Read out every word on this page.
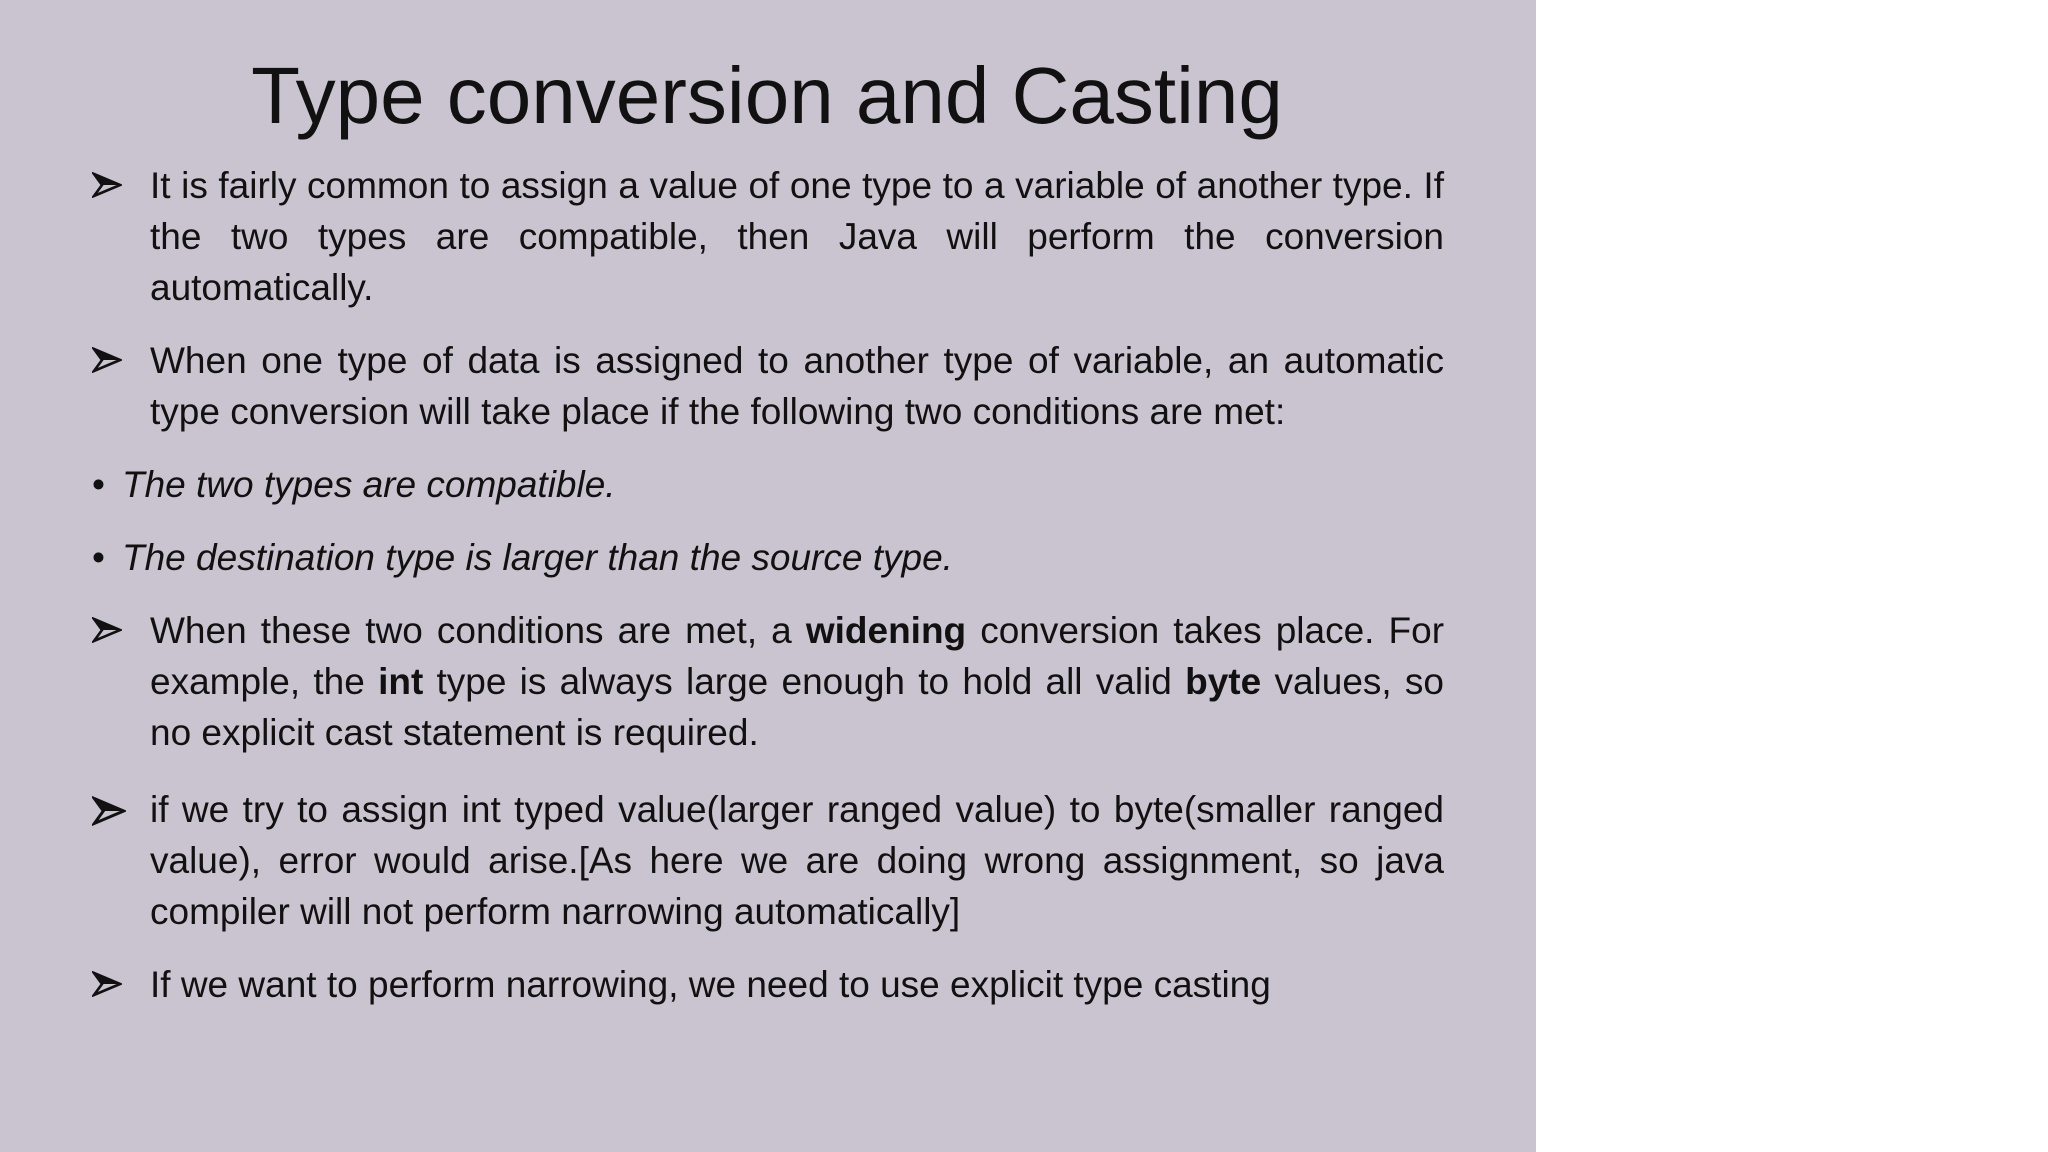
Type conversion and Casting
It is fairly common to assign a value of one type to a variable of another type. If the two types are compatible, then Java will perform the conversion automatically.
When one type of data is assigned to another type of variable, an automatic type conversion will take place if the following two conditions are met:
• The two types are compatible.
• The destination type is larger than the source type.
When these two conditions are met, a widening conversion takes place. For example, the int type is always large enough to hold all valid byte values, so no explicit cast statement is required.
if we try to assign int typed value(larger ranged value) to byte(smaller ranged value), error would arise.[As here we are doing wrong assignment, so java compiler will not perform narrowing automatically]
If we want to perform narrowing, we need to use explicit type casting
